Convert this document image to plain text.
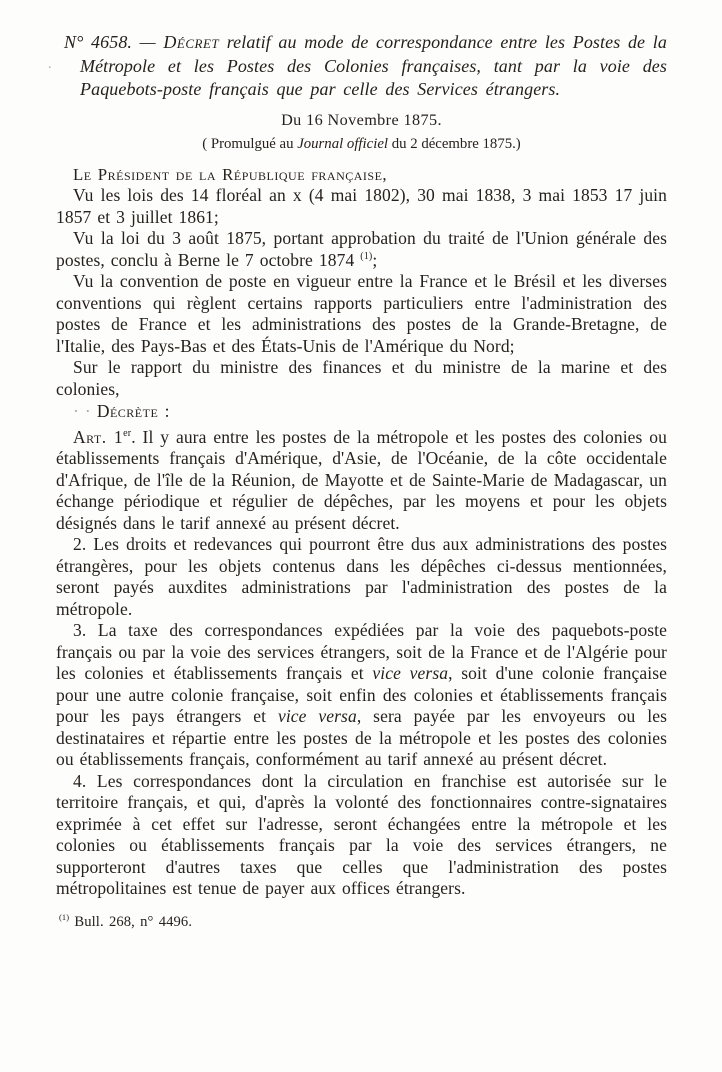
.

N° 4658. — Décret relatif au mode de correspondance entre les Postes de la Métropole et les Postes des Colonies françaises, tant par la voie des Paquebots-poste français que par celle des Services étrangers.

Du 16 Novembre 1875.

( Promulgué au Journal officiel du 2 décembre 1875.)

Le Président de la République française,

Vu les lois des 14 floréal an x (4 mai 1802), 30 mai 1838, 3 mai 1853 17 juin 1857 et 3 juillet 1861;

Vu la loi du 3 août 1875, portant approbation du traité de l'Union générale des postes, conclu à Berne le 7 octobre 1874 $^{(1)}$;

Vu la convention de poste en vigueur entre la France et le Brésil et les diverses conventions qui règlent certains rapports particuliers entre l'administration des postes de France et les administrations des postes de la Grande-Bretagne, de l'Italie, des Pays-Bas et des États-Unis de l'Amérique du Nord;

Sur le rapport du ministre des finances et du ministre de la marine et des colonies,

· · Décrète :

Art. 1er. Il y aura entre les postes de la métropole et les postes des colonies ou établissements français d'Amérique, d'Asie, de l'Océanie, de la côte occidentale d'Afrique, de l'île de la Réunion, de Mayotte et de Sainte-Marie de Madagascar, un échange périodique et régulier de dépêches, par les moyens et pour les objets désignés dans le tarif annexé au présent décret.

2. Les droits et redevances qui pourront être dus aux administrations des postes étrangères, pour les objets contenus dans les dépêches ci-dessus mentionnées, seront payés auxdites administrations par l'administration des postes de la métropole.

3. La taxe des correspondances expédiées par la voie des paquebots-poste français ou par la voie des services étrangers, soit de la France et de l'Algérie pour les colonies et établissements français et vice versa, soit d'une colonie française pour une autre colonie française, soit enfin des colonies et établissements français pour les pays étrangers et vice versa, sera payée par les envoyeurs ou les destinataires et répartie entre les postes de la métropole et les postes des colonies ou établissements français, conformément au tarif annexé au présent décret.

4. Les correspondances dont la circulation en franchise est autorisée sur le territoire français, et qui, d'après la volonté des fonctionnaires contre-signataires exprimée à cet effet sur l'adresse, seront échangées entre la métropole et les colonies ou établissements français par la voie des services étrangers, ne supporteront d'autres taxes que celles que l'administration des postes métropolitaines est tenue de payer aux offices étrangers.

$^{(1)}$ Bull. 268, n° 4496.
